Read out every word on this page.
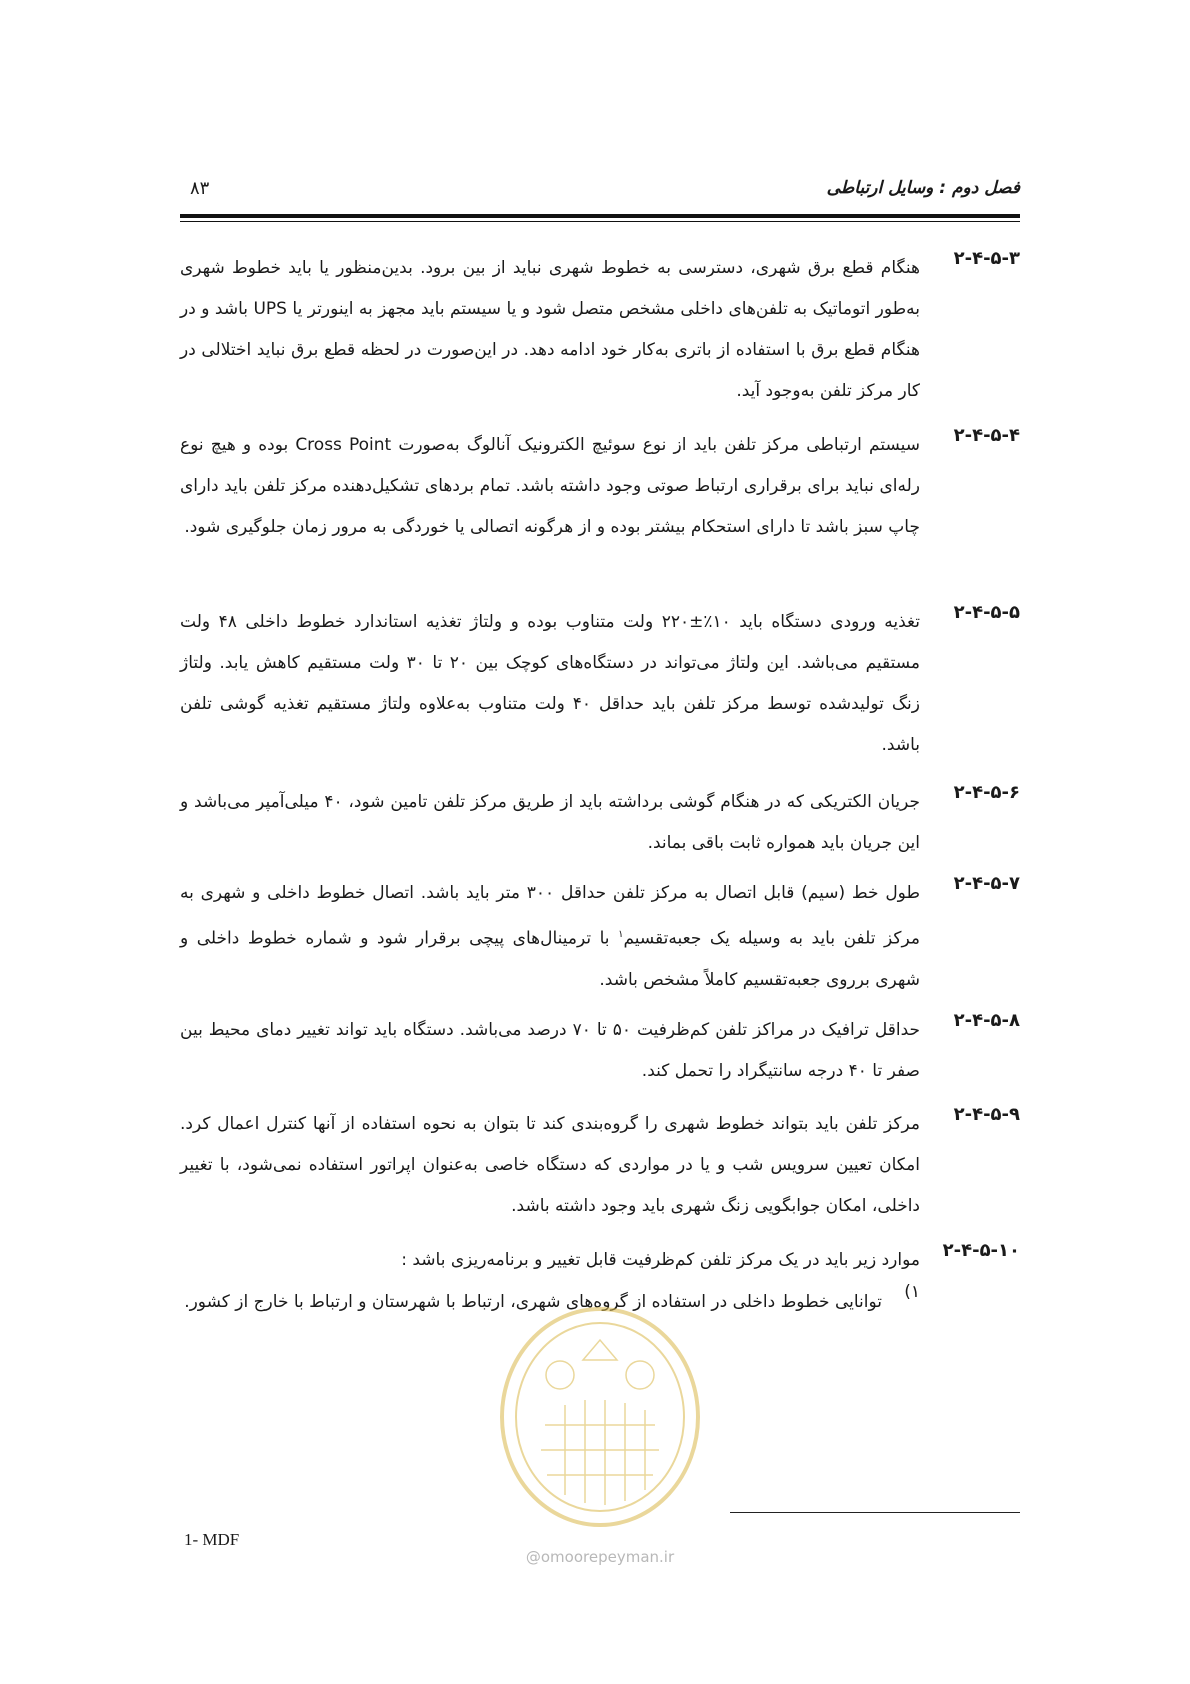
فصل دوم : وسایل ارتباطی
۸۳
۲-۴-۵-۳
هنگام قطع برق شهری، دسترسی به خطوط شهری نباید از بین برود. بدین‌منظور یا باید خطوط شهری به‌طور اتوماتیک به تلفن‌های داخلی مشخص متصل شود و یا سیستم باید مجهز به اینورتر یا UPS باشد و در هنگام قطع برق با استفاده از باتری به‌کار خود ادامه دهد. در این‌صورت در لحظه قطع برق نباید اختلالی در کار مرکز تلفن به‌وجود آید.
۲-۴-۵-۴
سیستم ارتباطی مرکز تلفن باید از نوع سوئیچ الکترونیک آنالوگ به‌صورت Cross Point بوده و هیچ نوع رله‌ای نباید برای برقراری ارتباط صوتی وجود داشته باشد. تمام بردهای تشکیل‌دهنده مرکز تلفن باید دارای چاپ سبز باشد تا دارای استحکام بیشتر بوده و از هرگونه اتصالی یا خوردگی به مرور زمان جلوگیری شود.
۲-۴-۵-۵
تغذیه ورودی دستگاه باید ۱۰٪±۲۲۰ ولت متناوب بوده و ولتاژ تغذیه استاندارد خطوط داخلی ۴۸ ولت مستقیم می‌باشد. این ولتاژ می‌تواند در دستگاه‌های کوچک بین ۲۰ تا ۳۰ ولت مستقیم کاهش یابد. ولتاژ زنگ تولیدشده توسط مرکز تلفن باید حداقل ۴۰ ولت متناوب به‌علاوه ولتاژ مستقیم تغذیه گوشی تلفن باشد.
۲-۴-۵-۶
جریان الکتریکی که در هنگام گوشی برداشته باید از طریق مرکز تلفن تامین شود، ۴۰ میلی‌آمپر می‌باشد و این جریان باید همواره ثابت باقی بماند.
۲-۴-۵-۷
طول خط (سیم) قابل اتصال به مرکز تلفن حداقل ۳۰۰ متر باید باشد. اتصال خطوط داخلی و شهری به مرکز تلفن باید به وسیله یک جعبه‌تقسیم$^۱$ با ترمینال‌های پیچی برقرار شود و شماره خطوط داخلی و شهری برروی جعبه‌تقسیم کاملاً مشخص باشد.
۲-۴-۵-۸
حداقل ترافیک در مراکز تلفن کم‌ظرفیت ۵۰ تا ۷۰ درصد می‌باشد. دستگاه باید تواند تغییر دمای محیط بین صفر تا ۴۰ درجه سانتیگراد را تحمل کند.
۲-۴-۵-۹
مرکز تلفن باید بتواند خطوط شهری را گروه‌بندی کند تا بتوان به نحوه استفاده از آنها کنترل اعمال کرد. امکان تعیین سرویس شب و یا در مواردی که دستگاه خاصی به‌عنوان اپراتور استفاده نمی‌شود، با تغییر داخلی، امکان جوابگویی زنگ شهری باید وجود داشته باشد.
۲-۴-۵-۱۰
موارد زیر باید در یک مرکز تلفن کم‌ظرفیت قابل تغییر و برنامه‌ریزی باشد :
۱)
توانایی خطوط داخلی در استفاده از گروه‌های شهری، ارتباط با شهرستان و ارتباط با خارج از کشور.
1- MDF
@omoorepeyman.ir
